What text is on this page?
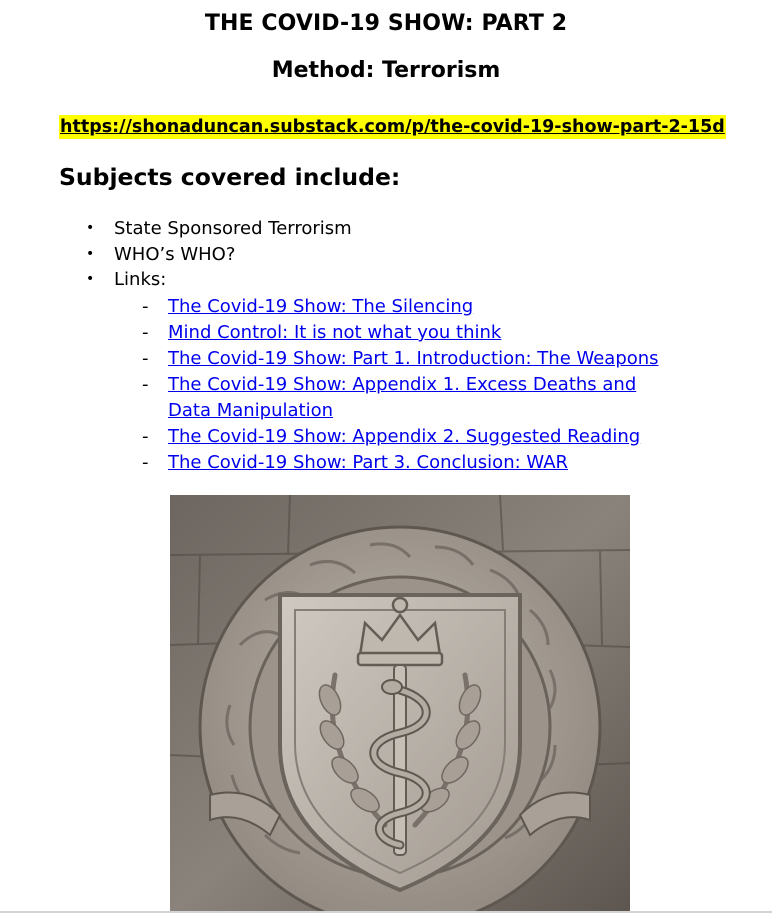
THE COVID-19 SHOW: PART 2
Method: Terrorism
https://shonaduncan.substack.com/p/the-covid-19-show-part-2-15d
Subjects covered include:
• State Sponsored Terrorism
• WHO’s WHO?
• Links:
- The Covid-19 Show: The Silencing
- Mind Control: It is not what you think
- The Covid-19 Show: Part 1. Introduction: The Weapons
- The Covid-19 Show: Appendix 1. Excess Deaths and Data Manipulation
- The Covid-19 Show: Appendix 2. Suggested Reading
- The Covid-19 Show: Part 3. Conclusion: WAR
